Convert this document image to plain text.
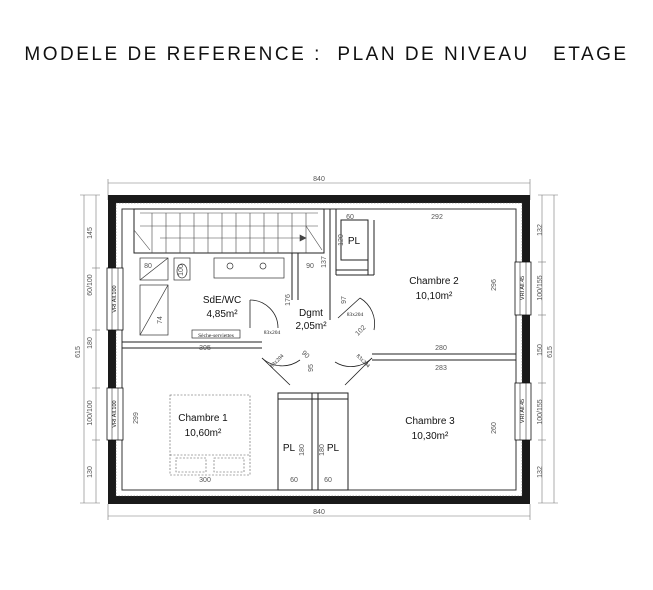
MODELE DE REFERENCE :  PLAN DE NIVEAU   ETAGE
840
840
615
145
60/100
180
100/100
130
615
132
100/155
150
100/155
132
VRI All.100
VRI All.100
VRI All.45
VRI All.45
Sèche-serviettes	83x204
83x204
83x204	83x204
292
296
280
283
260
305
299
300
60
60	60
120
80	90 137
176
74
100
180 180
95
97
102
90
SdE/WC
4,85m²	Dgmt
2,05m²
Chambre 1
10,60m²
Chambre 2
10,10m²
Chambre 3
10,30m²
PL
PL	PL
